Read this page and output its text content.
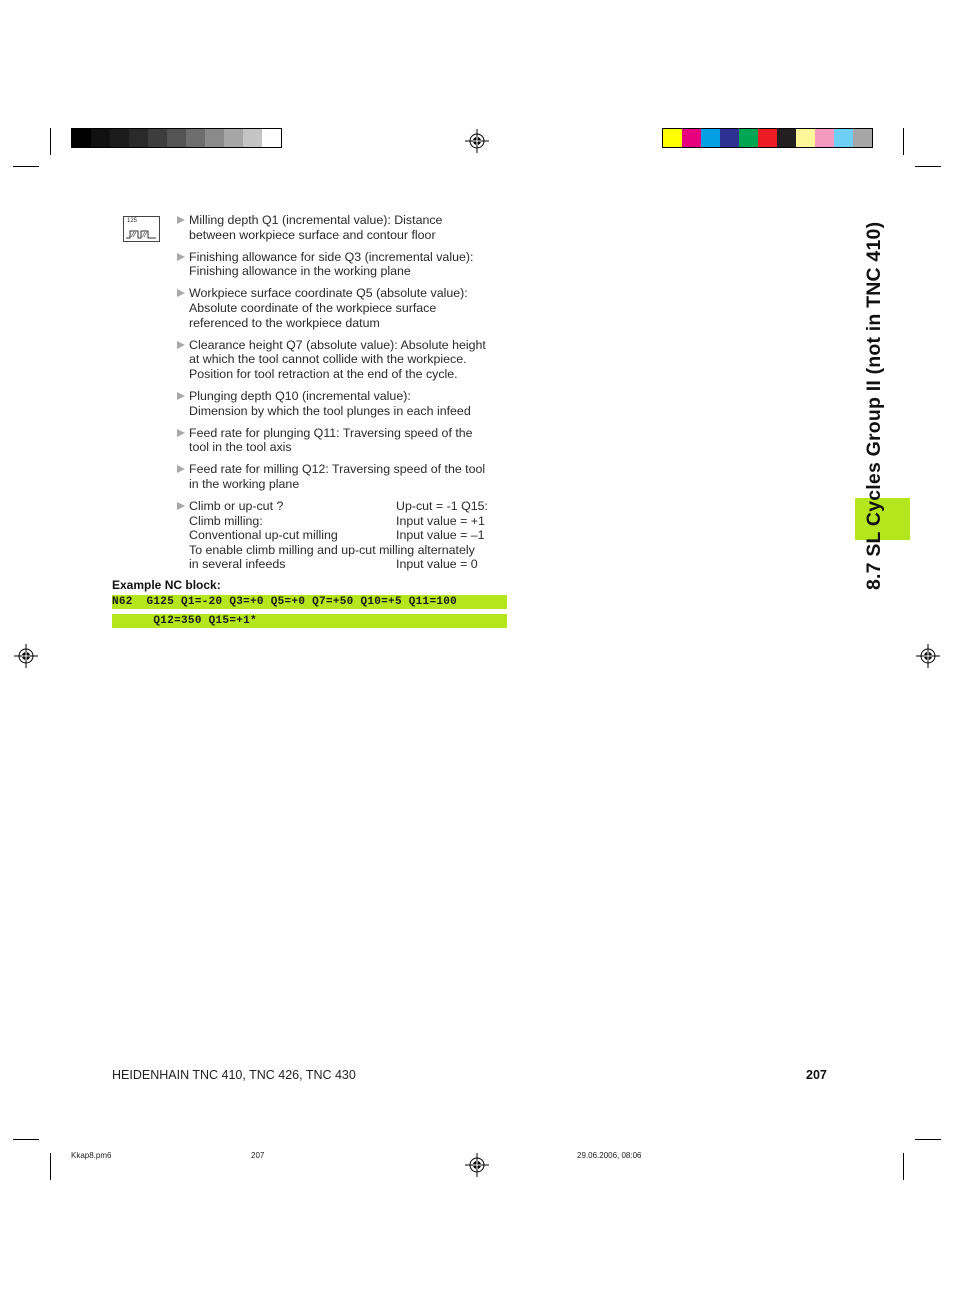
8.7 SL Cycles Group II (not in TNC 410)
125	Milling depth Q1 (incremental value): Distance
between workpiece surface and contour floor
Finishing allowance for side Q3 (incremental value):
Finishing allowance in the working plane
Workpiece surface coordinate Q5 (absolute value):
Absolute coordinate of the workpiece surface
referenced to the workpiece datum
Clearance height Q7 (absolute value): Absolute height
at which the tool cannot collide with the workpiece.
Position for tool retraction at the end of the cycle.
Plunging depth Q10 (incremental value):
Dimension by which the tool plunges in each infeed
Feed rate for plunging Q11: Traversing speed of the
tool in the tool axis
Feed rate for milling Q12: Traversing speed of the tool
in the working plane
Climb or up-cut ?	Up-cut = -1 Q15:
Climb milling:	Input value = +1
Conventional up-cut milling	Input value = –1
To enable climb milling and up-cut milling alternately
in several infeeds	Input value = 0
Example NC block:
N62  G125 Q1=-20 Q3=+0 Q5=+0 Q7=+50 Q10=+5 Q11=100
Q12=350 Q15=+1*
HEIDENHAIN TNC 410, TNC 426, TNC 430	207
Kkap8.pm6	207	29.06.2006, 08:06
